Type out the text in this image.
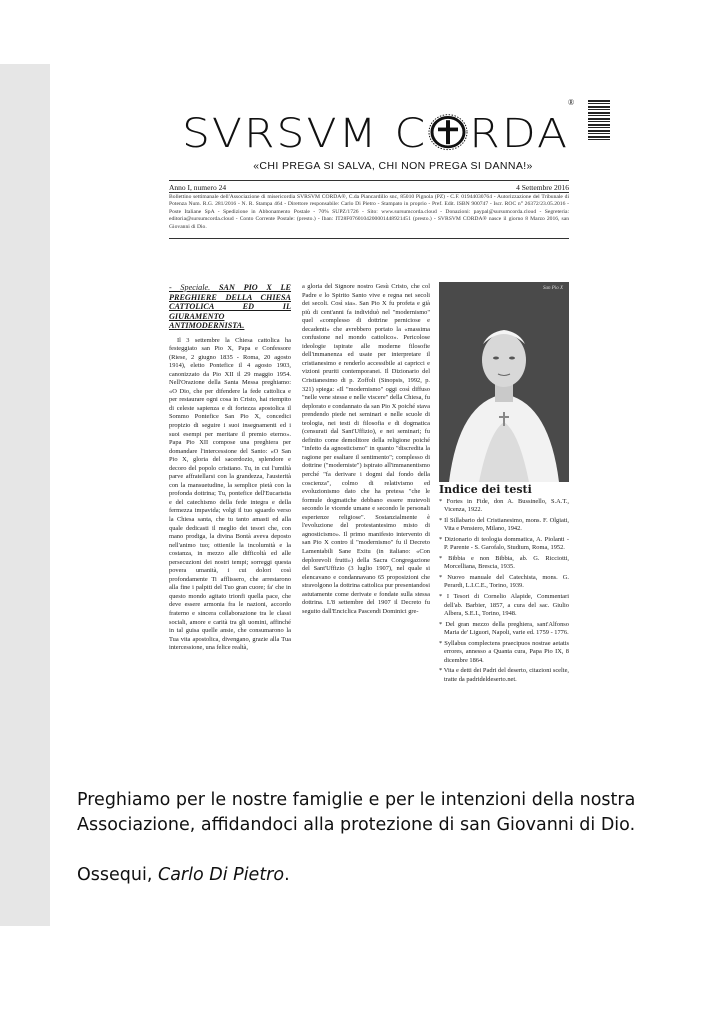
SVRSVM C RDA
®
«CHI PREGA SI SALVA, CHI NON PREGA SI DANNA!»
Anno I, numero 24	4 Settembre 2016
Bollettino settimanale dell'Associazione di misericordia SVRSVM CORDA®, C.da Piancardillo snc, 85010 Pignola (PZ) - C.F. 01944030764 - Autorizzazione del Tribunale di Potenza Num. R.G. 281/2016 - N. R. Stampa 464 - Direttore responsabile: Carlo Di Pietro - Stampato in proprio - Pref. Edit. ISBN 900747 - Iscr. ROC n° 26372/23.05.2016 - Poste Italiane SpA - Spedizione in Abbonamento Postale - 70% SUPZ/1726 - Sito: www.sursumcorda.cloud - Donazioni: paypal@sursumcorda.cloud - Segreteria: editoria@sursumcorda.cloud - Conto Corrente Postale: (presto.) - Iban: IT28F0760104200001448921451 (presto.) - SVRSVM CORDA® nasce il giorno 8 Marzo 2016, san Giovanni di Dio.
- Speciale. SAN PIO X LE PREGHIERE DELLA CHIESA CATTOLICA ED IL GIURAMENTO ANTIMODERNISTA.

Il 3 settembre la Chiesa cattolica ha festeggiato san Pio X, Papa e Confessore (Riese, 2 giugno 1835 - Roma, 20 agosto 1914), eletto Pontefice il 4 agosto 1903, canonizzato da Pio XII il 29 maggio 1954. Nell'Orazione della Santa Messa preghiamo: «O Dio, che per difendere la fede cattolica e per restaurare ogni cosa in Cristo, hai riempito di celeste sapienza e di fortezza apostolica il Sommo Pontefice San Pio X, concedici propizio di seguire i suoi insegnamenti ed i suoi esempi per meritare il premio eterno». Papa Pio XII compose una preghiera per domandare l'intercessione del Santo: «O San Pio X, gloria del sacerdozio, splendore e decoro del popolo cristiano. Tu, in cui l'umiltà parve affratellarsi con la grandezza, l'austerità con la mansuetudine, la semplice pietà con la profonda dottrina; Tu, pontefice dell'Eucaristia e del catechismo della fede integra e della fermezza impavida; volgi il tuo sguardo verso la Chiesa santa, che tu tanto amasti ed alla quale dedicasti il meglio dei tesori che, con mano prodiga, la divina Bontà aveva deposto nell'animo tuo; ottienile la incolumità e la costanza, in mezzo alle difficoltà ed alle persecuzioni dei nostri tempi; sorreggi questa povera umanità, i cui dolori così profondamente Ti afflissero, che arrestarono alla fine i palpiti del Tuo gran cuore; fa' che in questo mondo agitato trionfi quella pace, che deve essere armonia fra le nazioni, accordo fraterno e sincera collaborazione tra le classi sociali, amore e carità tra gli uomini, affinché in tal guisa quelle ansie, che consumarono la Tua vita apostolica, divengano, grazie alla Tua intercessione, una felice realtà,

a gloria del Signore nostro Gesù Cristo, che col Padre e lo Spirito Santo vive e regna nei secoli dei secoli. Così sia». San Pio X fu profeta e già più di cent'anni fa individuò nel "modernismo" quel «complesso di dottrine perniciose e decadenti» che avrebbero portato la «massima confusione nel mondo cattolico». Pericolose ideologie ispirate alle moderne filosofie dell'immanenza ed usate per interpretare il cristianesimo e renderlo accessibile ai capricci e vizioni pruriti contemporanei. Il Dizionario del Cristianesimo di p. Zoffoli (Sinopsis, 1992, p. 321) spiega: «Il "modernismo" oggi così diffuso "nelle vene stesse e nelle viscere" della Chiesa, fu deplorato e condannato da san Pio X poiché stava prendendo piede nei seminari e nelle scuole di teologia, nei testi di filosofia e di dogmatica (censurati dal Sant'Uffizio), e nei seminari; fu definito come demolitore della religione poiché "infetto da agnosticismo" in quanto "discredita la ragione per esaltare il sentimento"; complesso di dottrine ("moderniste") ispirato all'immanentismo perché "fa derivare i dogmi dal fondo della coscienza", colmo di relativismo ed evoluzionismo dato che ha pretesa "che le formule dogmatiche debbano essere mutevoli secondo le vicende umane e secondo le personali esperienze religiose". Sostanzialmente è l'evoluzione del protestantesimo misto di agnosticismo». Il primo manifesto intervento di san Pio X contro il "modernismo" fu il Decreto Lamentabili Sane Exitu (in italiano: «Con deplorevoli frutti») della Sacra Congregazione del Sant'Uffizio (3 luglio 1907), nel quale si elencavano e condannavano 65 proposizioni che stravolgono la dottrina cattolica pur presentandosi astutamente come derivate e fondate sulla stessa dottrina. L'8 settembre del 1907 il Decreto fu seguito dall'Enciclica Pascendi Dominici gre-

San Pio X
Indice dei testi
* Fortes in Fide, don A. Bussinello, S.A.T., Vicenza, 1922.
* Il Sillabario del Cristianesimo, mons. F. Olgiati, Vita e Pensiero, Milano, 1942.
* Dizionario di teologia dommatica, A. Piolanti - P. Parente - S. Garofalo, Studium, Roma, 1952.
* Bibbia e non Bibbia, ab. G. Ricciotti, Morcelliana, Brescia, 1935.
* Nuovo manuale del Catechista, mons. G. Perardi, L.I.C.E., Torino, 1939.
* I Tesori di Cornelio Alapide, Commentari dell'ab. Barbier, 1857, a cura del sac. Giulio Albera, S.E.I., Torino, 1948.
* Del gran mezzo della preghiera, sant'Alfonso Maria de' Liguori, Napoli, varie ed. 1759 - 1776.
* Syllabus complectens praecipuos nostrae aetatis errores, annesso a Quanta cura, Papa Pio IX, 8 dicembre 1864.
* Vita e detti dei Padri del deserto, citazioni scelte, tratte da padrideldeserto.net.

Preghiamo per le nostre famiglie e per le intenzioni della nostra Associazione, affidandoci alla protezione di san Giovanni di Dio.

Ossequi, Carlo Di Pietro.
